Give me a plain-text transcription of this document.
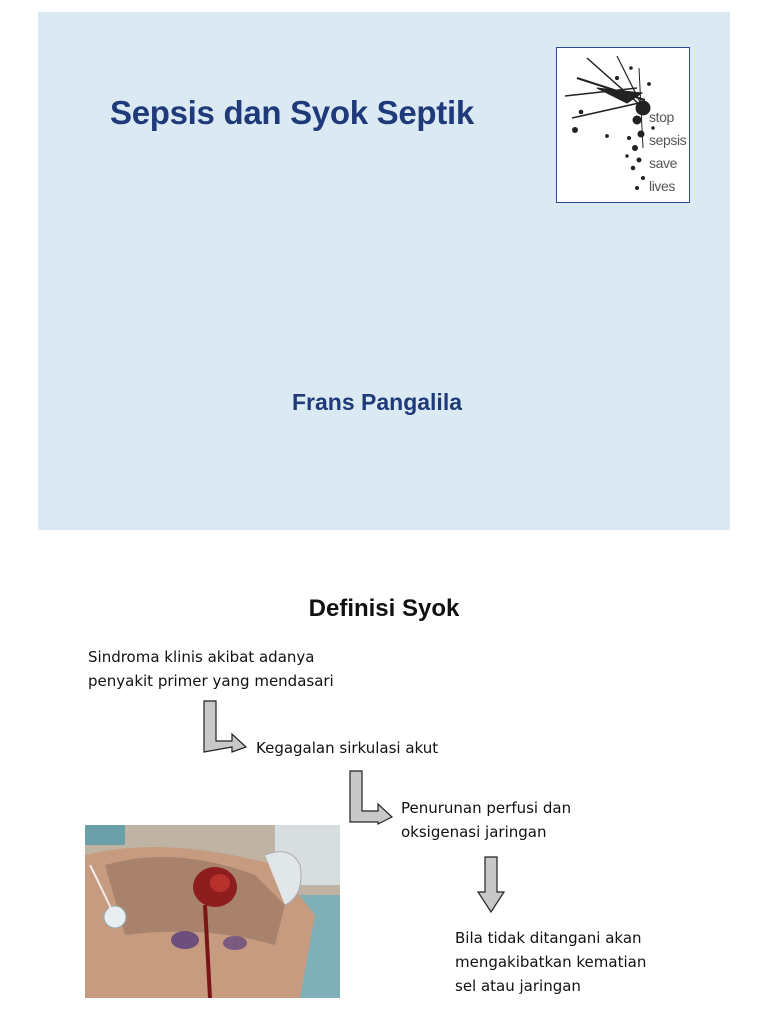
Sepsis dan Syok Septik
Frans Pangalila
stop
sepsis
save
lives
Definisi Syok
Sindroma klinis akibat adanya
penyakit primer yang mendasari
Kegagalan sirkulasi akut
Penurunan perfusi dan
oksigenasi jaringan
Bila tidak ditangani akan
mengakibatkan kematian
sel atau jaringan
